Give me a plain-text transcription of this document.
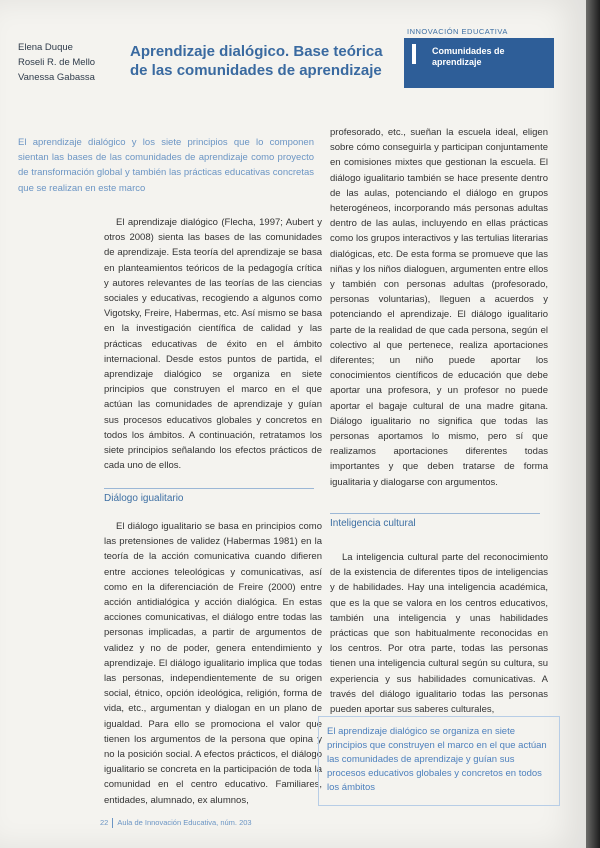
Elena Duque
Roseli R. de Mello
Vanessa Gabassa
Aprendizaje dialógico. Base teórica de las comunidades de aprendizaje
INNOVACIÓN EDUCATIVA
Comunidades de aprendizaje
El aprendizaje dialógico y los siete principios que lo componen sientan las bases de las comunidades de aprendizaje como proyecto de transformación global y también las prácticas educativas concretas que se realizan en este marco
El aprendizaje dialógico (Flecha, 1997; Aubert y otros 2008) sienta las bases de las comunidades de aprendizaje. Esta teoría del aprendizaje se basa en planteamientos teóricos de la pedagogía crítica y autores relevantes de las teorías de las ciencias sociales y educativas, recogiendo a algunos como Vigotsky, Freire, Habermas, etc. Así mismo se basa en la investigación científica de calidad y las prácticas educativas de éxito en el ámbito internacional. Desde estos puntos de partida, el aprendizaje dialógico se organiza en siete principios que construyen el marco en el que actúan las comunidades de aprendizaje y guían sus procesos educativos globales y concretos en todos los ámbitos. A continuación, retratamos los siete principios señalando los efectos prácticos de cada uno de ellos.
Diálogo igualitario
El diálogo igualitario se basa en principios como las pretensiones de validez (Habermas 1981) en la teoría de la acción comunicativa cuando difieren entre acciones teleológicas y comunicativas, así como en la diferenciación de Freire (2000) entre acción antidialógica y acción dialógica. En estas acciones comunicativas, el diálogo entre todas las personas implicadas, a partir de argumentos de validez y no de poder, genera entendimiento y aprendizaje. El diálogo igualitario implica que todas las personas, independientemente de su origen social, étnico, opción ideológica, religión, forma de vida, etc., argumentan y dialogan en un plano de igualdad. Para ello se promociona el valor que tienen los argumentos de la persona que opina y no la posición social. A efectos prácticos, el diálogo igualitario se concreta en la participación de toda la comunidad en el centro educativo. Familiares, entidades, alumnado, ex alumnos,
profesorado, etc., sueñan la escuela ideal, eligen sobre cómo conseguirla y participan conjuntamente en comisiones mixtes que gestionan la escuela. El diálogo igualitario también se hace presente dentro de las aulas, potenciando el diálogo en grupos heterogéneos, incorporando más personas adultas dentro de las aulas, incluyendo en ellas prácticas como los grupos interactivos y las tertulias literarias dialógicas, etc. De esta forma se promueve que las niñas y los niños dialoguen, argumenten entre ellos y también con personas adultas (profesorado, personas voluntarias), lleguen a acuerdos y potenciando el aprendizaje. El diálogo igualitario parte de la realidad de que cada persona, según el colectivo al que pertenece, realiza aportaciones diferentes; un niño puede aportar los conocimientos científicos de educación que debe aportar una profesora, y un profesor no puede aportar el bagaje cultural de una madre gitana. Diálogo igualitario no significa que todas las personas aportamos lo mismo, pero sí que realizamos aportaciones diferentes todas importantes y que deben tratarse de forma igualitaria y dialogarse con argumentos.
Inteligencia cultural
La inteligencia cultural parte del reconocimiento de la existencia de diferentes tipos de inteligencias y de habilidades. Hay una inteligencia académica, que es la que se valora en los centros educativos, también una inteligencia y unas habilidades prácticas que son habitualmente reconocidas en los centros. Por otra parte, todas las personas tienen una inteligencia cultural según su cultura, su experiencia y sus habilidades comunicativas. A través del diálogo igualitario todas las personas pueden aportar sus saberes culturales,
El aprendizaje dialógico se organiza en siete principios que construyen el marco en el que actúan las comunidades de aprendizaje y guían sus procesos educativos globales y concretos en todos los ámbitos
22 Aula de Innovación Educativa, núm. 203
